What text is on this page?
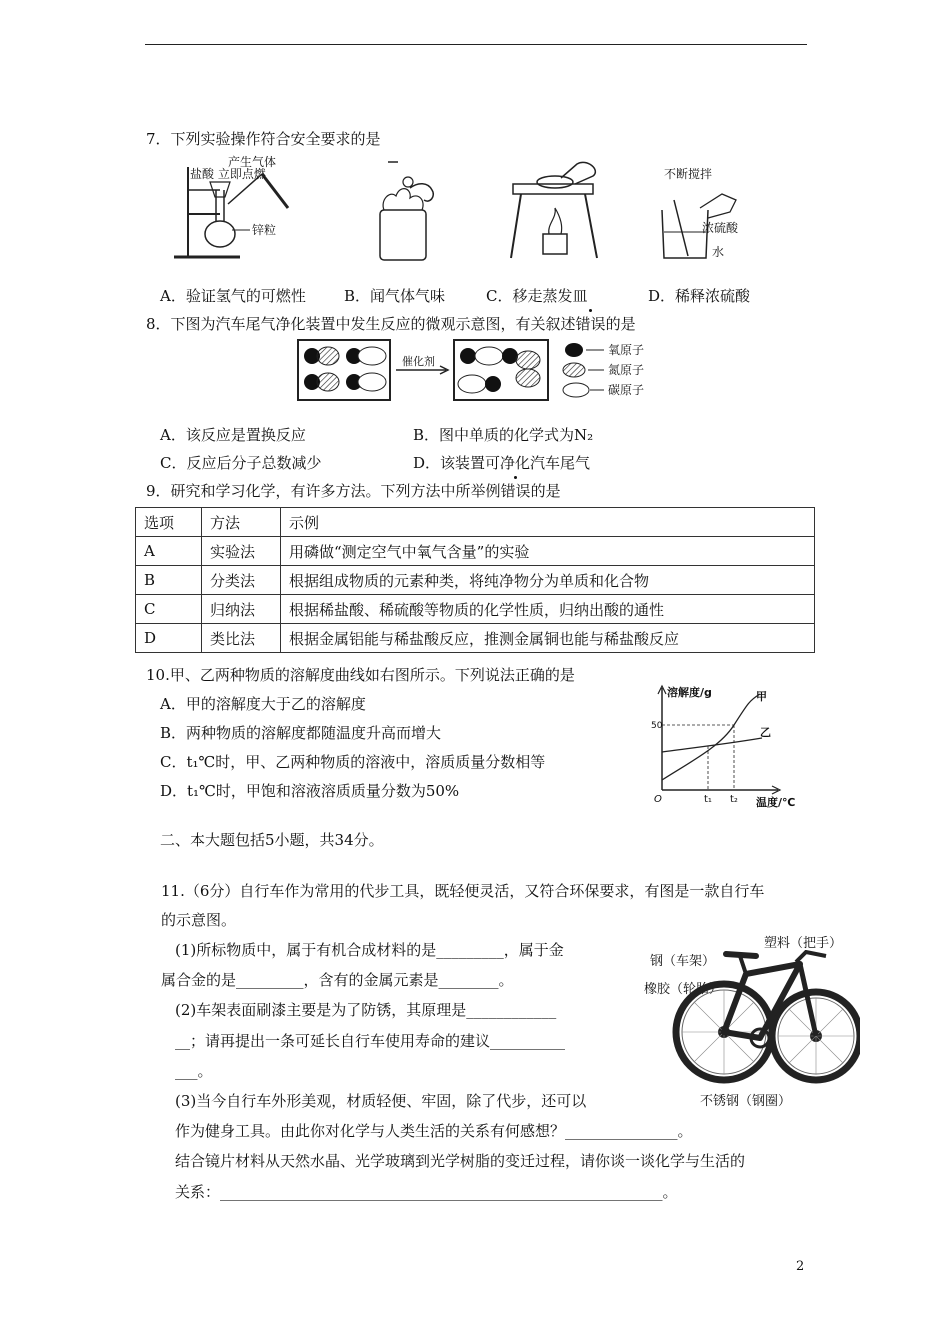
7．下列实验操作符合安全要求的是
产生气体
盐酸 立即点燃
锌粒
不断搅拌
浓硫酸
水
A．验证氢气的可燃性	B．闻气体气味	C．移走蒸发皿	D．稀释浓硫酸
8．下图为汽车尾气净化装置中发生反应的微观示意图，有关叙述错误的是
催化剂
氧原子
氮原子
碳原子
A．该反应是置换反应	B．图中单质的化学式为N₂
C．反应后分子总数减少	D．该装置可净化汽车尾气
9．研究和学习化学，有许多方法。下列方法中所举例错误的是
选项	方法	示例
A	实验法	用磷做“测定空气中氧气含量”的实验
B	分类法	根据组成物质的元素种类，将纯净物分为单质和化合物
C	归纳法	根据稀盐酸、稀硫酸等物质的化学性质，归纳出酸的通性
D	类比法	根据金属铝能与稀盐酸反应，推测金属铜也能与稀盐酸反应
10.甲、乙两种物质的溶解度曲线如右图所示。下列说法正确的是
A．甲的溶解度大于乙的溶解度
B．两种物质的溶解度都随温度升高而增大
C．t₁℃时，甲、乙两种物质的溶液中，溶质质量分数相等
D．t₁℃时，甲饱和溶液溶质质量分数为50%
溶解度/g	甲
乙
50
O	t₁ t₂ 温度/℃
二、本大题包括5小题，共34分。
11.（6分）自行车作为常用的代步工具，既轻便灵活，又符合环保要求，有图是一款自行车
的示意图。
(1)所标物质中，属于有机合成材料的是_________，属于金
属合金的是_________，含有的金属元素是________。
(2)车架表面刷漆主要是为了防锈，其原理是____________
__；请再提出一条可延长自行车使用寿命的建议__________
___。
(3)当今自行车外形美观，材质轻便、牢固，除了代步，还可以
作为健身工具。由此你对化学与人类生活的关系有何感想？_______________。
结合镜片材料从天然水晶、光学玻璃到光学树脂的变迁过程，请你谈一谈化学与生活的
关系：___________________________________________________________。
塑料（把手）
钢（车架）
橡胶（轮胎）
不锈钢（钢圈）
2
